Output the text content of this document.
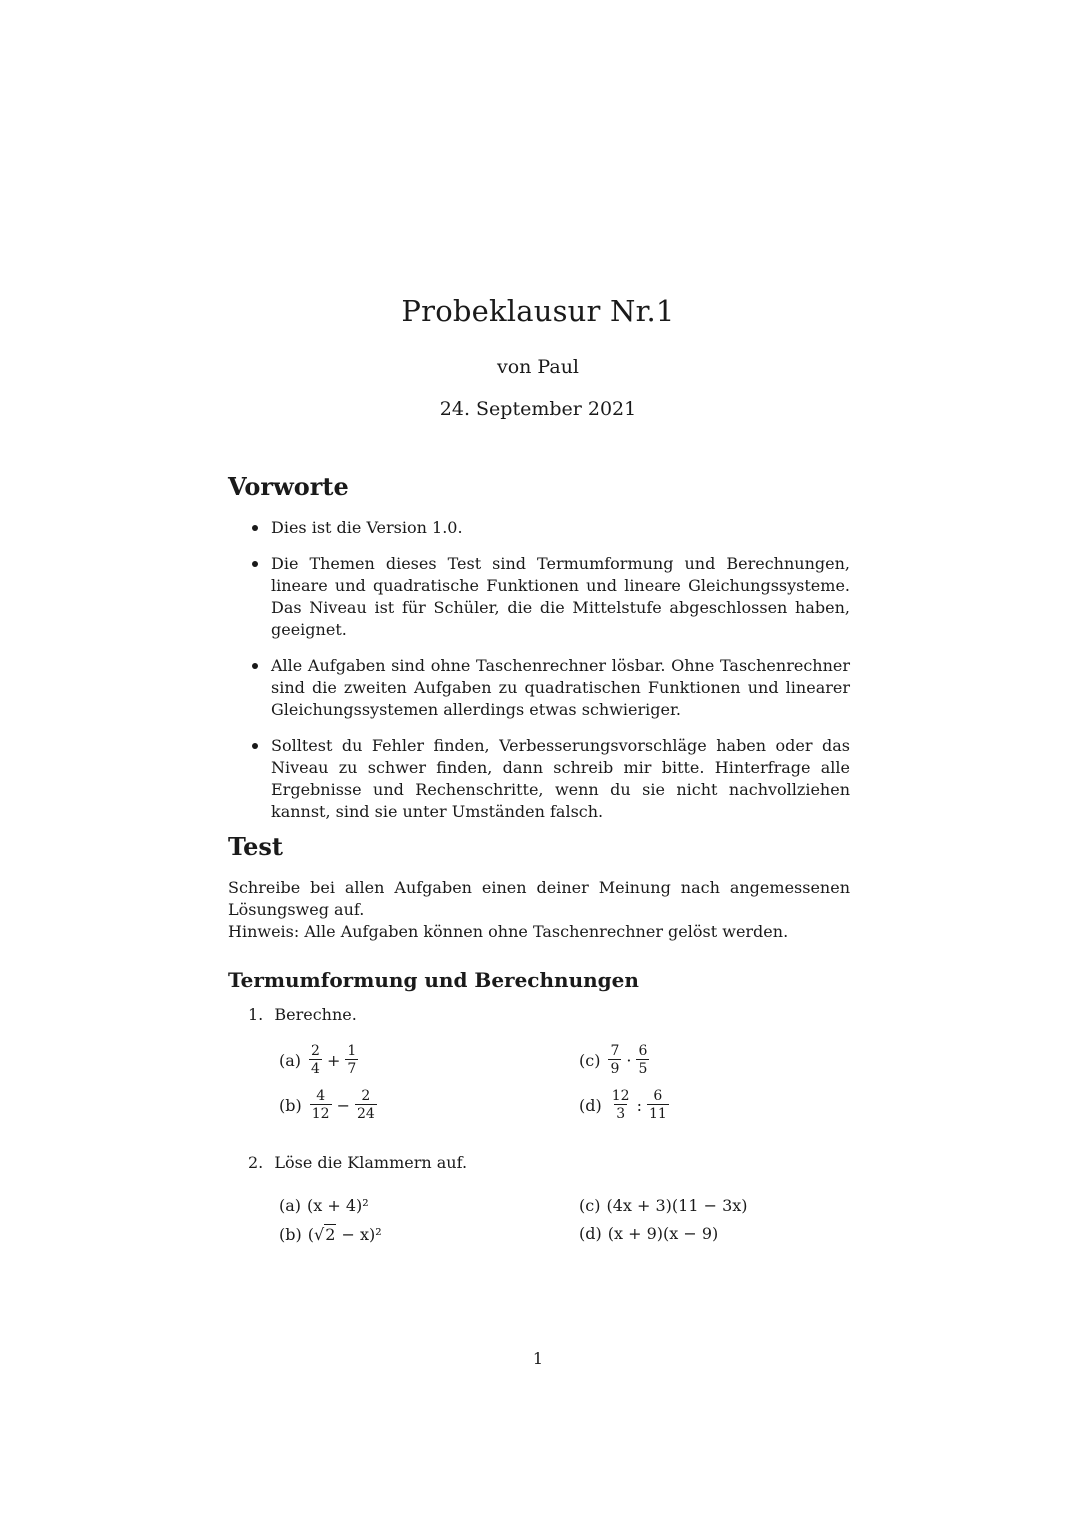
Probeklausur Nr.1
von Paul
24. September 2021
Vorworte
Dies ist die Version 1.0.
Die Themen dieses Test sind Termumformung und Berechnungen, lineare und quadratische Funktionen und lineare Gleichungssysteme. Das Niveau ist für Schüler, die die Mittelstufe abgeschlossen haben, geeignet.
Alle Aufgaben sind ohne Taschenrechner lösbar. Ohne Taschenrechner sind die zweiten Aufgaben zu quadratischen Funktionen und linearer Gleichungssystemen allerdings etwas schwieriger.
Solltest du Fehler finden, Verbesserungsvorschläge haben oder das Niveau zu schwer finden, dann schreib mir bitte. Hinterfrage alle Ergebnisse und Rechenschritte, wenn du sie nicht nachvollziehen kannst, sind sie unter Umständen falsch.
Test
Schreibe bei allen Aufgaben einen deiner Meinung nach angemessenen Lösungsweg auf.
Hinweis: Alle Aufgaben können ohne Taschenrechner gelöst werden.
Termumformung und Berechnungen
1. Berechne.
$(a) \frac{2}{4} + \frac{1}{7}$
$(b) \frac{4}{12} - \frac{2}{24}$
$(c) \frac{7}{9} \cdot \frac{6}{5}$
$(d) \frac{12}{3}$ : $\frac{6}{11}$
2. Löse die Klammern auf.
(a) (x + 4)²
(b) (√ 2 − x)²
(c) (4x + 3)(11 − 3x)
(d) (x + 9)(x − 9)
1
